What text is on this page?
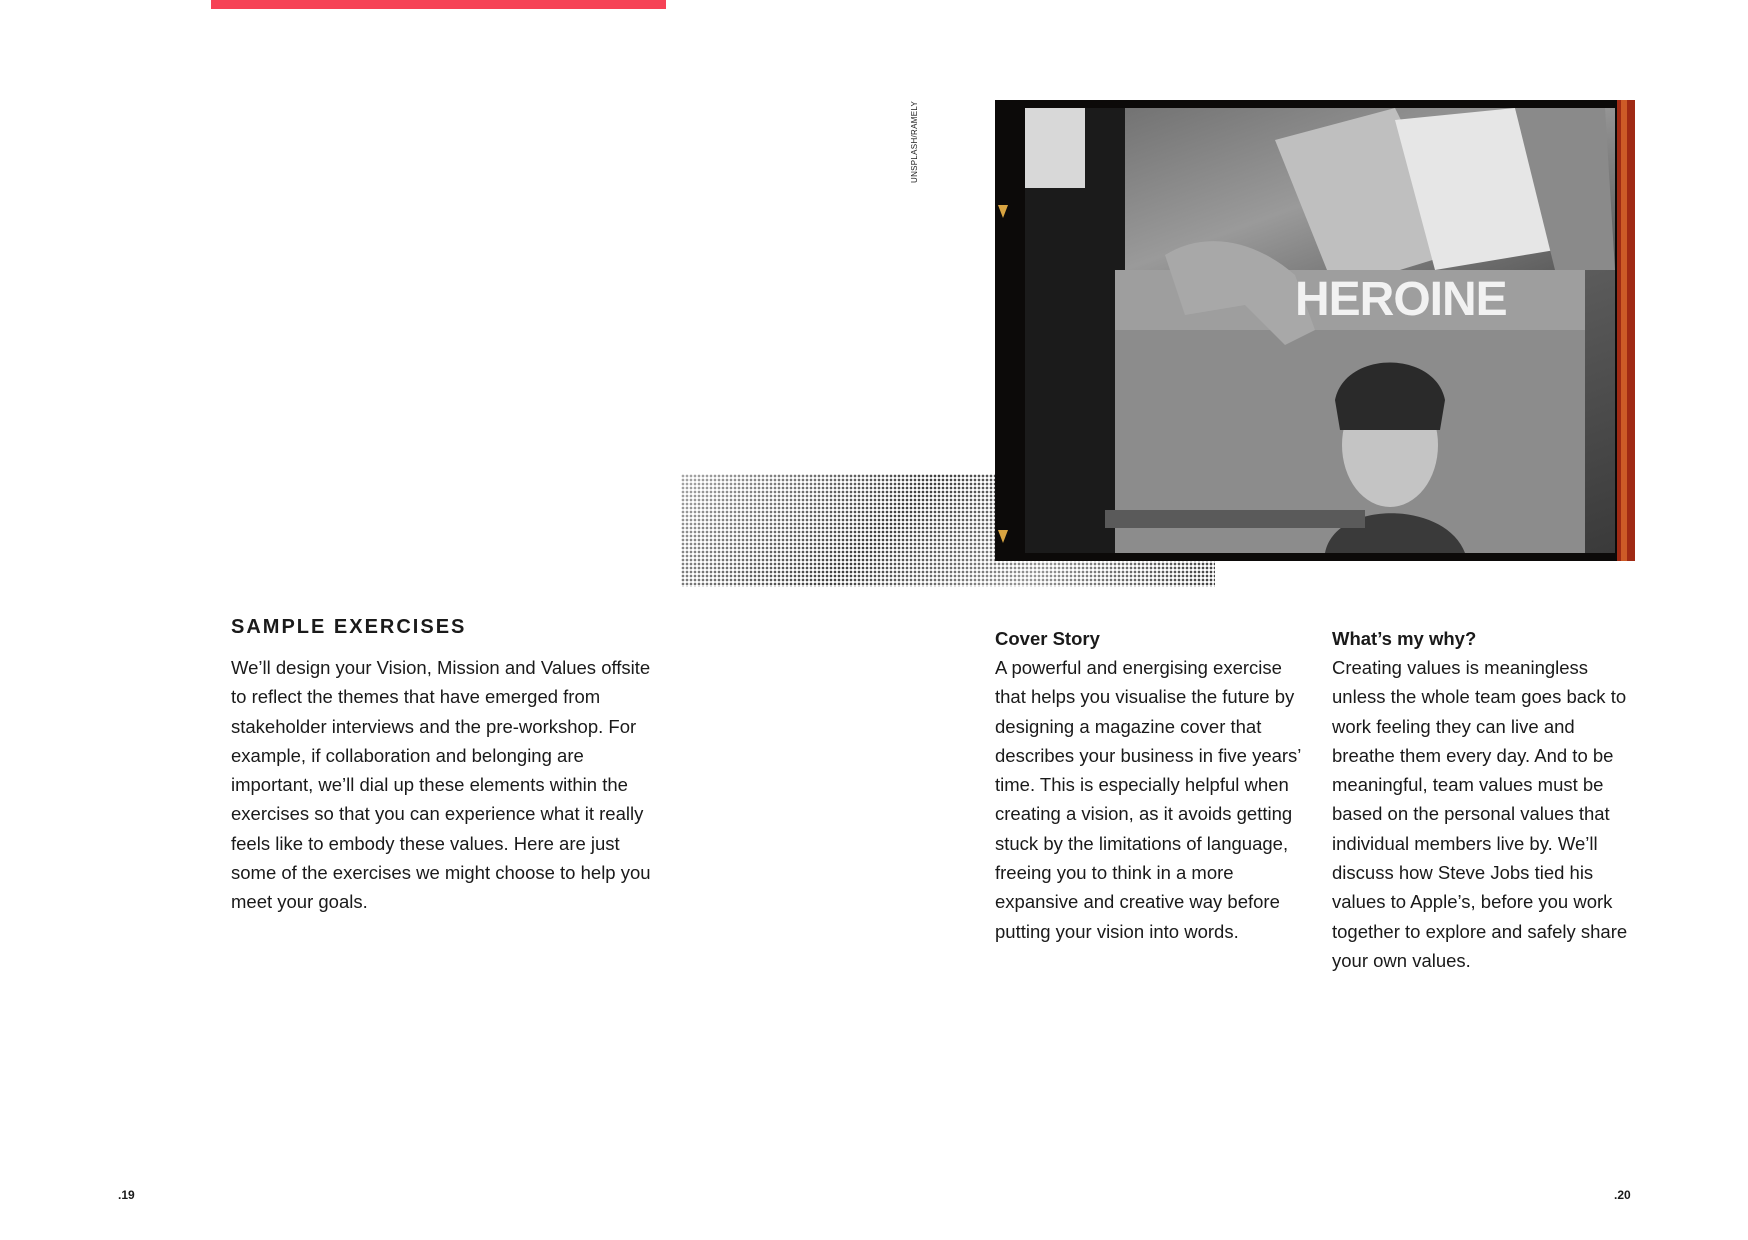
UNSPLASH/RAMELY
HEROINE
SAMPLE EXERCISES

We’ll design your Vision, Mission and Values offsite to reflect the themes that have emerged from stakeholder interviews and the pre-workshop. For example, if collaboration and belonging are important, we’ll dial up these elements within the exercises so that you can experience what it really feels like to embody these values. Here are just some of the exercises we might choose to help you meet your goals.

Cover Story

A powerful and energising exercise that helps you visualise the future by designing a magazine cover that describes your business in five years’ time. This is especially helpful when creating a vision, as it avoids getting stuck by the limitations of language, freeing you to think in a more expansive and creative way before putting your vision into words.

What’s my why?

Creating values is meaningless unless the whole team goes back to work feeling they can live and breathe them every day. And to be meaningful, team values must be based on the personal values that individual members live by. We’ll discuss how Steve Jobs tied his values to Apple’s, before you work together to explore and safely share your own values.

.19	.20
